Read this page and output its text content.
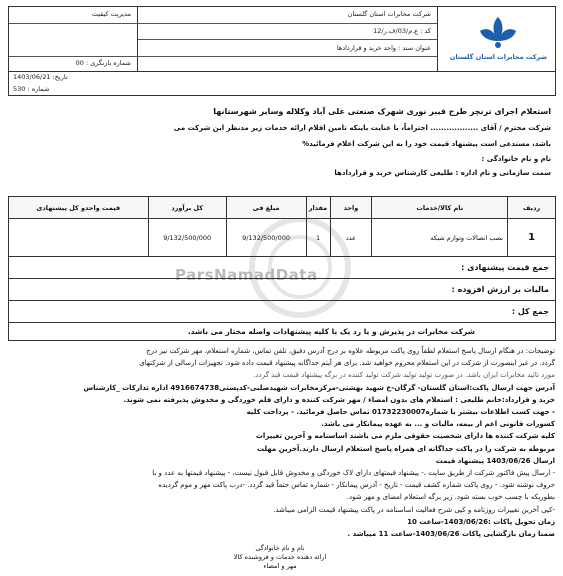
شرکت مخابرات استان گلستان
شرکت مخابرات استان گلستان
کد : ع.م/03/ف.ر/12
عنوان سند : واحد خرید و قراردادها
مدیریت کیفیت
شماره بازنگری : 00
تاریخ: 1403/06/21
شماره : 530
استعلام اجرای ترنچر طرح فیبر نوری شهرک صنعتی علی آباد وکلاله وسایر شهرستانها
شرکت محترم / آقای .................. احتراماً، با عنایت باینکه تامین اقلام ارائه خدمات زیر مدنظر این شرکت می
باشد، مستدعی است پیشنهاد قیمت خود را به این شرکت اعلام فرمائید%
نام و نام خانوادگی :
سمت سازمانی و نام اداره : طلیعی کارشناس خرید و قراردادها
ParsNamadData
ردیف	نام کالا/خدمات	واحد	مقدار	مبلغ فی	کل برآورد	قیمت واحدو کل پیشنهادی
1	نصب اتصالات وتوازم شبکه	عدد	1	9/132/500/000	9/132/500/000	
جمع قیمت پیشنهادی :						
مالیات بر ارزش افزوده :						
جمع کل :						
شرکت مخابرات در پذیرش و یا رد یک یا کلیه پیشنهادات واصله مختار می باشد.						

توضیحات: در هنگام ارسال پاسخ استعلام لطفاً روی پاکت مربوطه علاوه بر درج آدرس دقیق، تلفن تماس، شماره استعلام، مهر شرکت نیز درج

گردد. در غیر اینصورت از شرکت در این استعلام محروم خواهید شد. برای هر آیتم جداگانه پیشنهاد قیمت داده شود. تجهیزات ارسالی از شرکتهای

مورد تائید مخابرات ایران باشد. در صورت تولید تولید شرکت تولید کننده در برگه پیشنهاد قیمت قید گردد.

آدرس جهت ارسال پاکت:استان گلستان- گرگان-خ شهید بهشتی-مرکزمخابرات شهیدصلبی-کدپستی4916674738 اداره تدارکات _کارشناس

خرید و قرارداد:خانم طلیعی : استعلام های بدون امضاء / مهر شرکت کننده و دارای قلم خوردگی و مخدوش پذیرفته نمی شوند.

- جهت کسب اطلاعات بیشتر با شماره01732230007 تماس حاصل فرمائید. - پرداخت کلیه

کسورات قانونی اعم از بیمه، مالیات و ... به عهده پیمانکار می باشد.

کلیه شرکت کننده ها دارای شخصیت حقوقی ملزم می باشند اساسنامه و آخرین تغییرات

مربوطه به شرکت را در پاکت جداگانه ای همراه پاسخ استعلام ارسال دارند.آخرین مهلت

ارسال 1403/06/26 پیشنهاد قیمت

- ارسال پیش فاکتور شرکت از طریق سایت ،- پیشنهاد قیمتهای دارای لاک خوردگی و مخدوش قابل قبول نیست، - پیشنهاد قیمتها به عدد و با

حروف نوشته شود. - روی پاکت شماره کشف قیمت - تاریخ - آدرس پیمانکار - شماره تماس حتماً قید گردد. -درب پاکت مهر و موم گردیده

بطوریکه با چسب خوب بسته شود. زیر برگه استعلام امضای و مهر شود.

-کپی آخرین تغییرات روزنامه و کپی شرح فعالیت اساسنامه در پاکت پیشنهاد قیمت الزامی میباشد.

زمان تحویل پاکات :1403/06/26-ساعت 10

ضمنا زمان بازگشایی پاکات 1403/06/26-ساعت 11 میباشد .

نام و نام خانوادگی
ارائه دهنده خدمات و فروشنده کالا
مهر و امضاء
